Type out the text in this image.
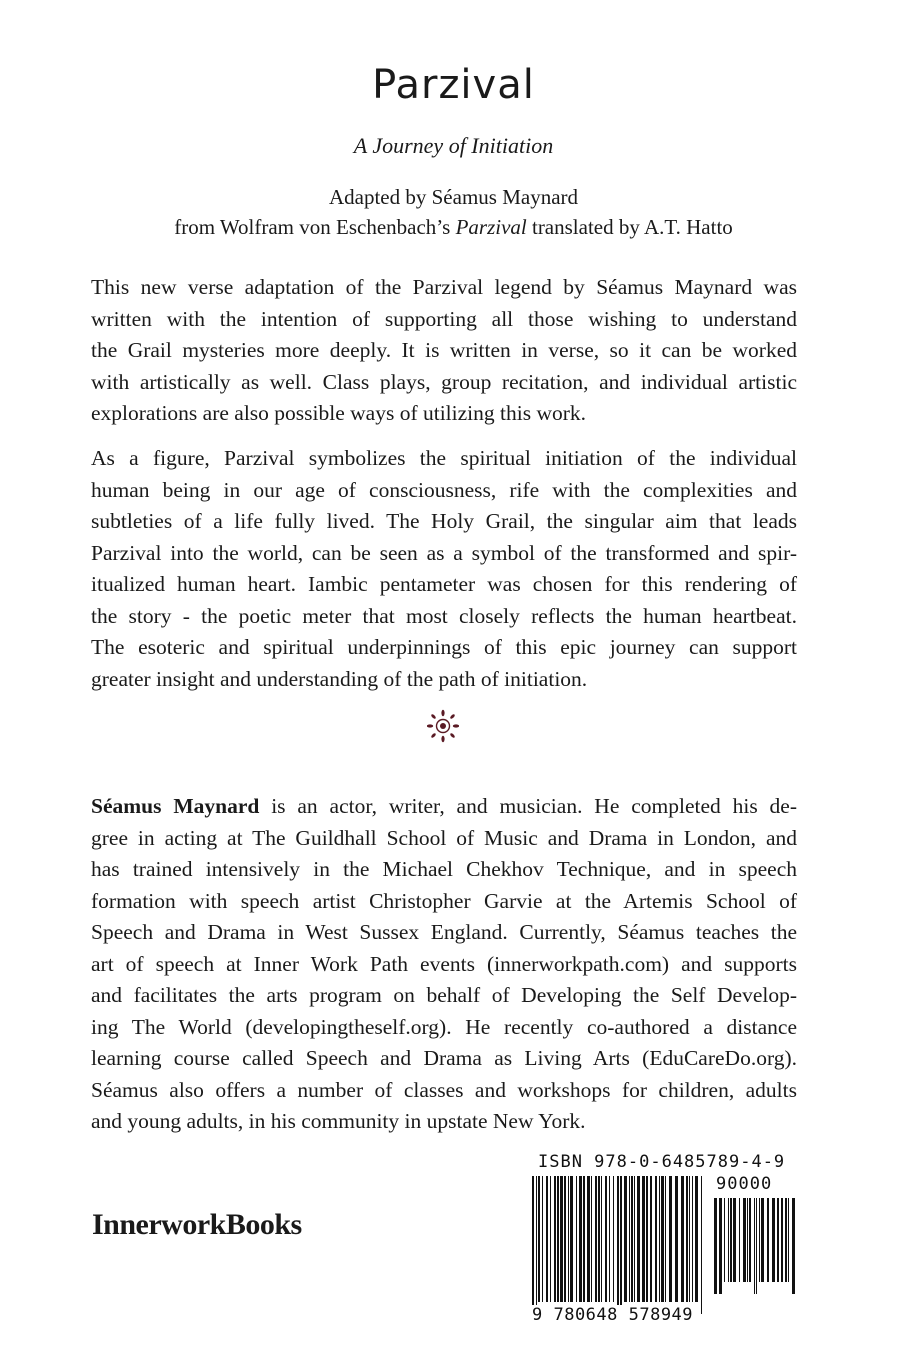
Parzival
A Journey of Initiation
Adapted by Séamus Maynard
from Wolfram von Eschenbach’s Parzival translated by A.T. Hatto
This new verse adaptation of the Parzival legend by Séamus Maynard was
written with the intention of supporting all those wishing to understand
the Grail mysteries more deeply. It is written in verse, so it can be worked
with artistically as well. Class plays, group recitation, and individual artistic
explorations are also possible ways of utilizing this work.
As a figure, Parzival symbolizes the spiritual initiation of the individual
human being in our age of consciousness, rife with the complexities and
subtleties of a life fully lived. The Holy Grail, the singular aim that leads
Parzival into the world, can be seen as a symbol of the transformed and spir-
itualized human heart. Iambic pentameter was chosen for this rendering of
the story - the poetic meter that most closely reflects the human heartbeat.
The esoteric and spiritual underpinnings of this epic journey can support
greater insight and understanding of the path of initiation.
Séamus Maynard is an actor, writer, and musician. He completed his de-
gree in acting at The Guildhall School of Music and Drama in London, and
has trained intensively in the Michael Chekhov Technique, and in speech
formation with speech artist Christopher Garvie at the Artemis School of
Speech and Drama in West Sussex England. Currently, Séamus teaches the
art of speech at Inner Work Path events (innerworkpath.com) and supports
and facilitates the arts program on behalf of Developing the Self Develop-
ing The World (developingtheself.org). He recently co-authored a distance
learning course called Speech and Drama as Living Arts (EduCareDo.org).
Séamus also offers a number of classes and workshops for children, adults
and young adults, in his community in upstate New York.
InnerworkBooks
ISBN 978-0-6485789-4-9
90000
9 780648 578949
